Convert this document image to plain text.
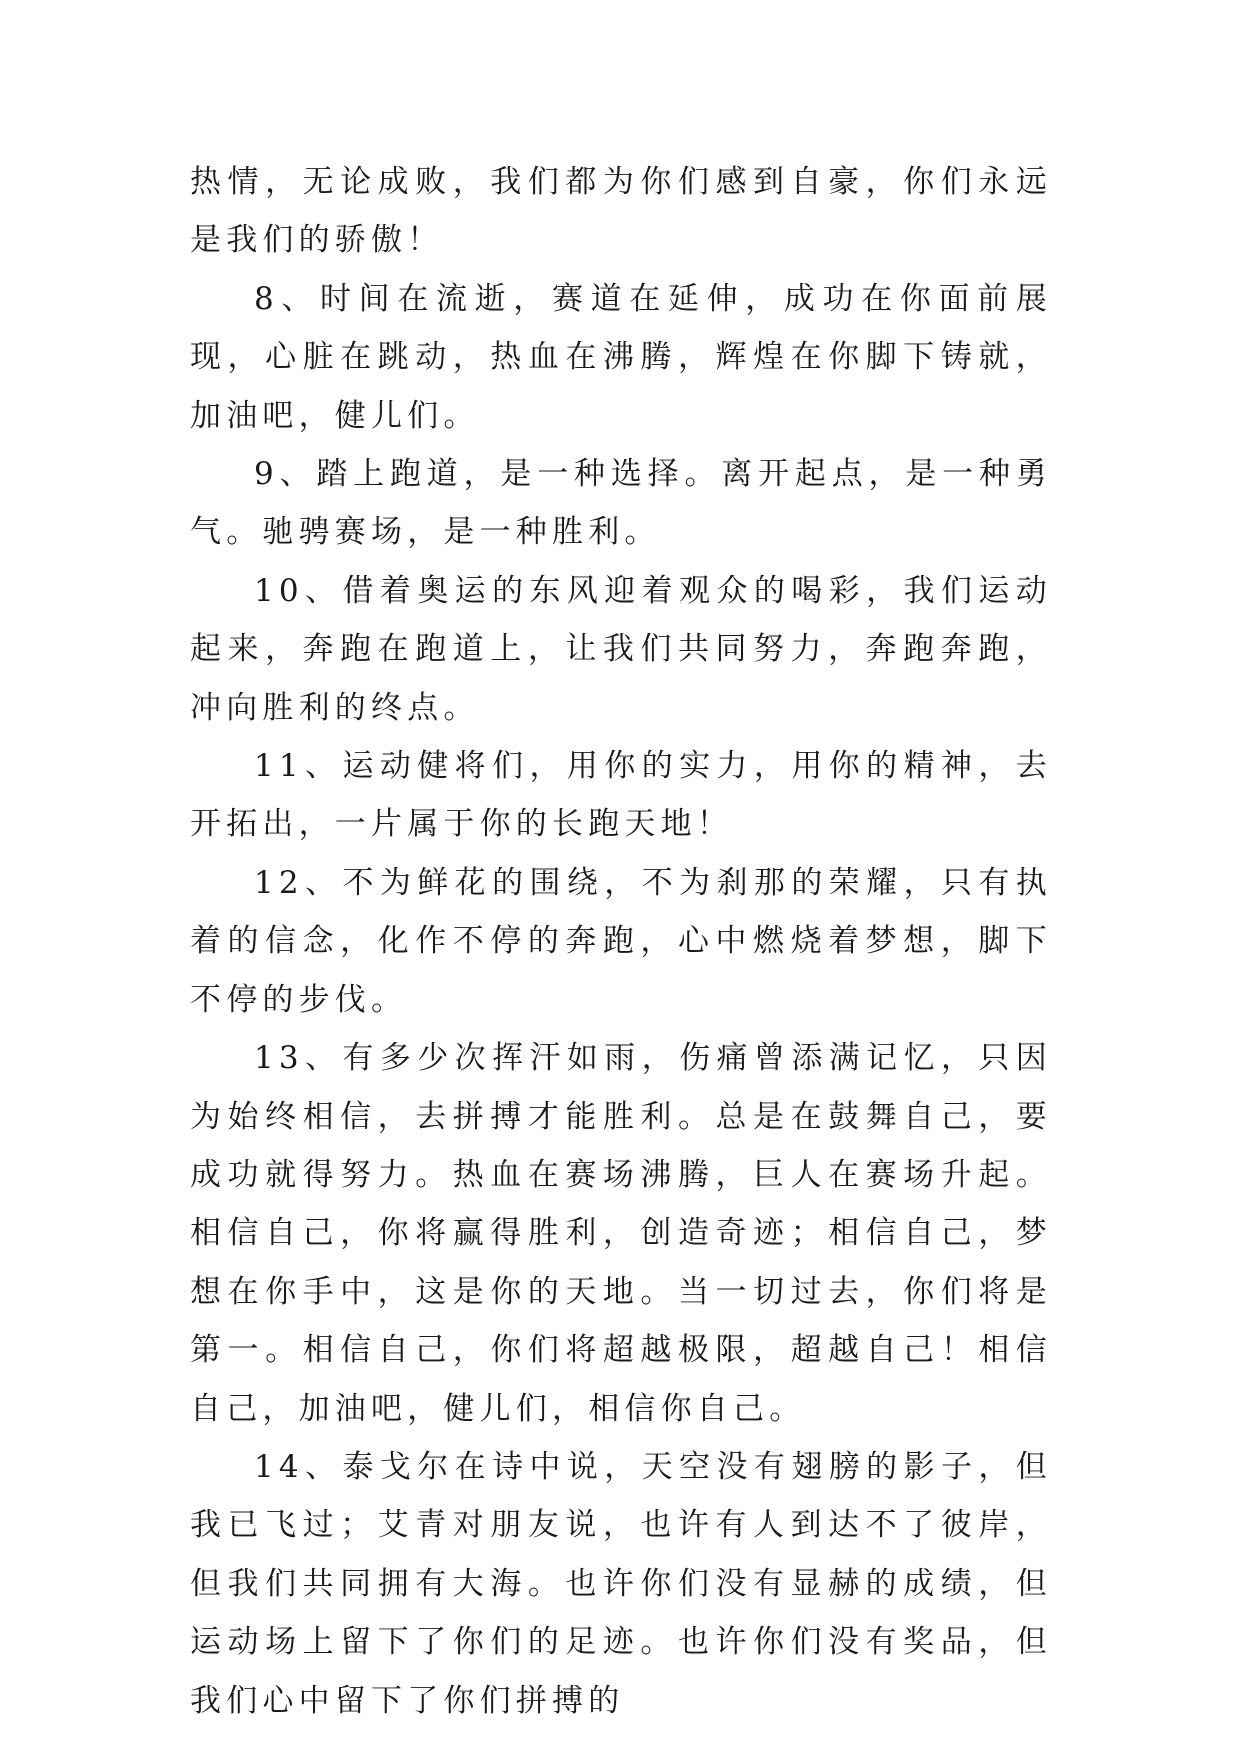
热情，无论成败，我们都为你们感到自豪，你们永远是我们的骄傲！

8、时间在流逝，赛道在延伸，成功在你面前展现，心脏在跳动，热血在沸腾，辉煌在你脚下铸就，加油吧，健儿们。

9、踏上跑道，是一种选择。离开起点，是一种勇气。驰骋赛场，是一种胜利。

10、借着奥运的东风迎着观众的喝彩，我们运动起来，奔跑在跑道上，让我们共同努力，奔跑奔跑，冲向胜利的终点。

11、运动健将们，用你的实力，用你的精神，去开拓出，一片属于你的长跑天地！

12、不为鲜花的围绕，不为刹那的荣耀，只有执着的信念，化作不停的奔跑，心中燃烧着梦想，脚下不停的步伐。

13、有多少次挥汗如雨，伤痛曾添满记忆，只因为始终相信，去拼搏才能胜利。总是在鼓舞自己，要成功就得努力。热血在赛场沸腾，巨人在赛场升起。相信自己，你将赢得胜利，创造奇迹；相信自己，梦想在你手中，这是你的天地。当一切过去，你们将是第一。相信自己，你们将超越极限，超越自己！相信自己，加油吧，健儿们，相信你自己。

14、泰戈尔在诗中说，天空没有翅膀的影子，但我已飞过；艾青对朋友说，也许有人到达不了彼岸，但我们共同拥有大海。也许你们没有显赫的成绩，但运动场上留下了你们的足迹。也许你们没有奖品，但我们心中留下了你们拼搏的
